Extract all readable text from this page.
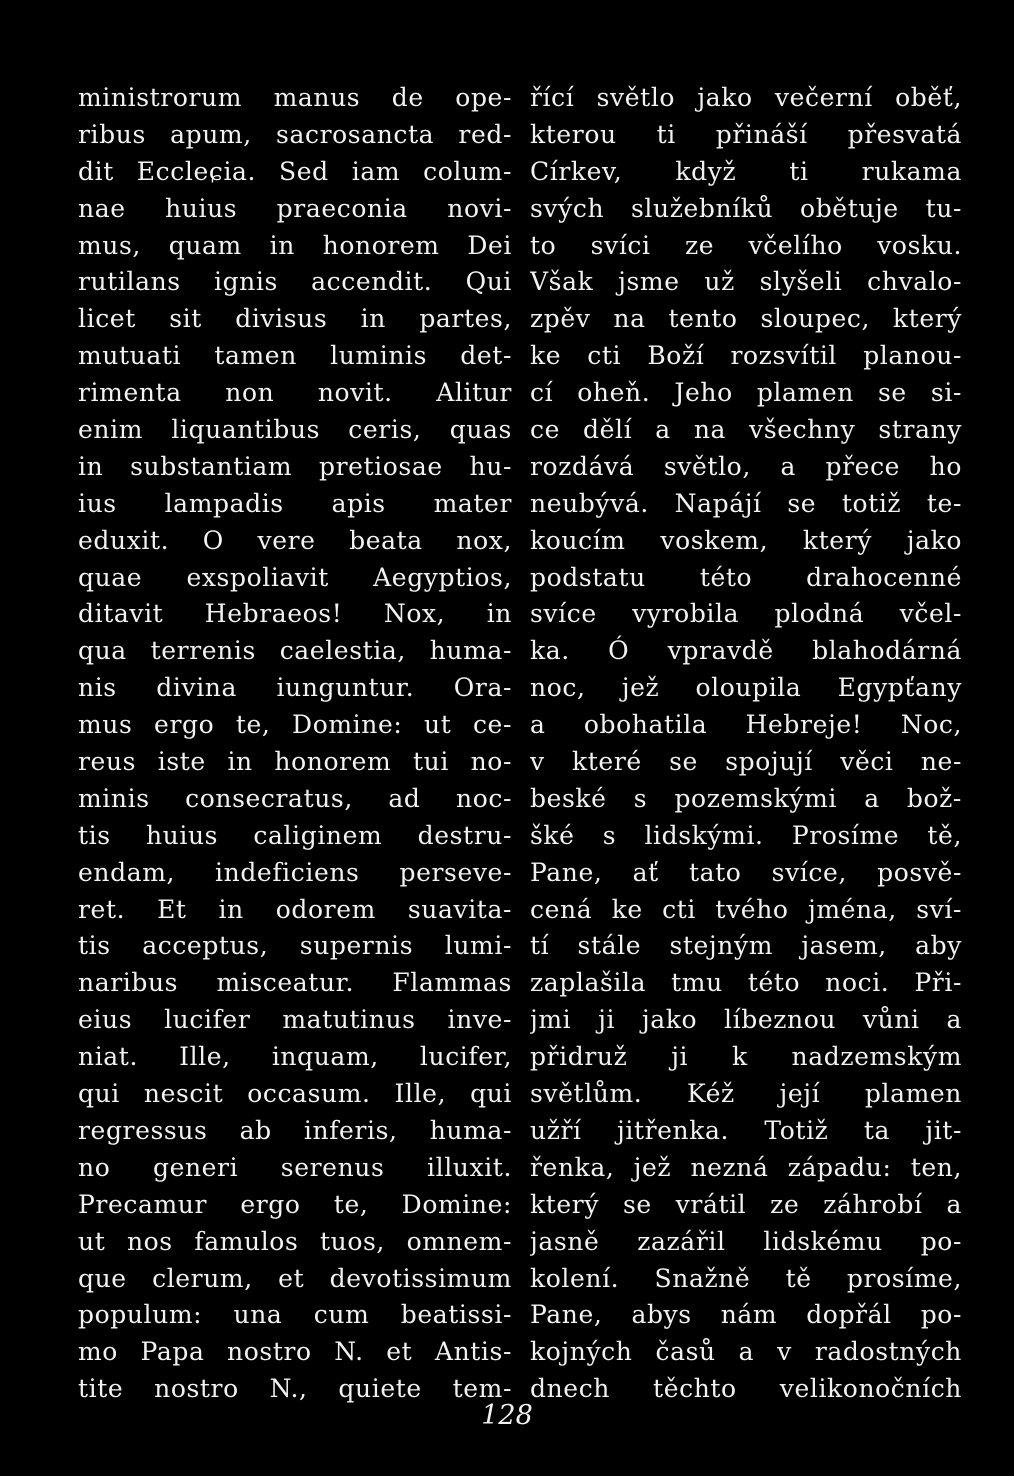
ministrorum manus de ope-
ribus apum, sacrosancta red-
dit Eccleɕia. Sed iam colum-
nae huius praeconia novi-
mus, quam in honorem Dei
rutilans ignis accendit. Qui
licet sit divisus in partes,
mutuati tamen luminis det-
rimenta non novit. Alitur
enim liquantibus ceris, quas
in substantiam pretiosae hu-
ius lampadis apis mater
eduxit. O vere beata nox,
quae exspoliavit Aegyptios,
ditavit Hebraeos! Nox, in
qua terrenis caelestia, huma-
nis divina iunguntur. Ora-
mus ergo te, Domine: ut ce-
reus iste in honorem tui no-
minis consecratus, ad noc-
tis huius caliginem destru-
endam, indeficiens perseve-
ret. Et in odorem suavita-
tis acceptus, supernis lumi-
naribus misceatur. Flammas
eius lucifer matutinus inve-
niat. Ille, inquam, lucifer,
qui nescit occasum. Ille, qui
regressus ab inferis, huma-
no generi serenus illuxit.
Precamur ergo te, Domine:
ut nos famulos tuos, omnem-
que clerum, et devotissimum
populum: una cum beatissi-
mo Papa nostro N. et Antis-
tite nostro N., quiete tem-
řící světlo jako večerní oběť,
kterou ti přináší přesvatá
Církev, když ti rukama
svých služebníků obětuje tu-
to svíci ze včelího vosku.
Však jsme už slyšeli chvalo-
zpěv na tento sloupec, který
ke cti Boží rozsvítil planou-
cí oheň. Jeho plamen se si-
ce dělí a na všechny strany
rozdává světlo, a přece ho
neubývá. Napájí se totiž te-
koucím voskem, který jako
podstatu této drahocenné
svíce vyrobila plodná včel-
ka. Ó vpravdě blahodárná
noc, jež oloupila Egypťany
a obohatila Hebreje! Noc,
v které se spojují věci ne-
beské s pozemskými a bož-
šké s lidskými. Prosíme tě,
Pane, ať tato svíce, posvě-
cená ke cti tvého jména, sví-
tí stále stejným jasem, aby
zaplašila tmu této noci. Při-
jmi ji jako líbeznou vůni a
přidruž ji k nadzemským
světlům. Kéž její plamen
užří jitřenka. Totiž ta jit-
řenka, jež nezná západu: ten,
který se vrátil ze záhrobí a
jasně zazářil lidskému po-
kolení. Snažně tě prosíme,
Pane, abys nám dopřál po-
kojných časů a v radostných
dnech těchto velikonočních
128
